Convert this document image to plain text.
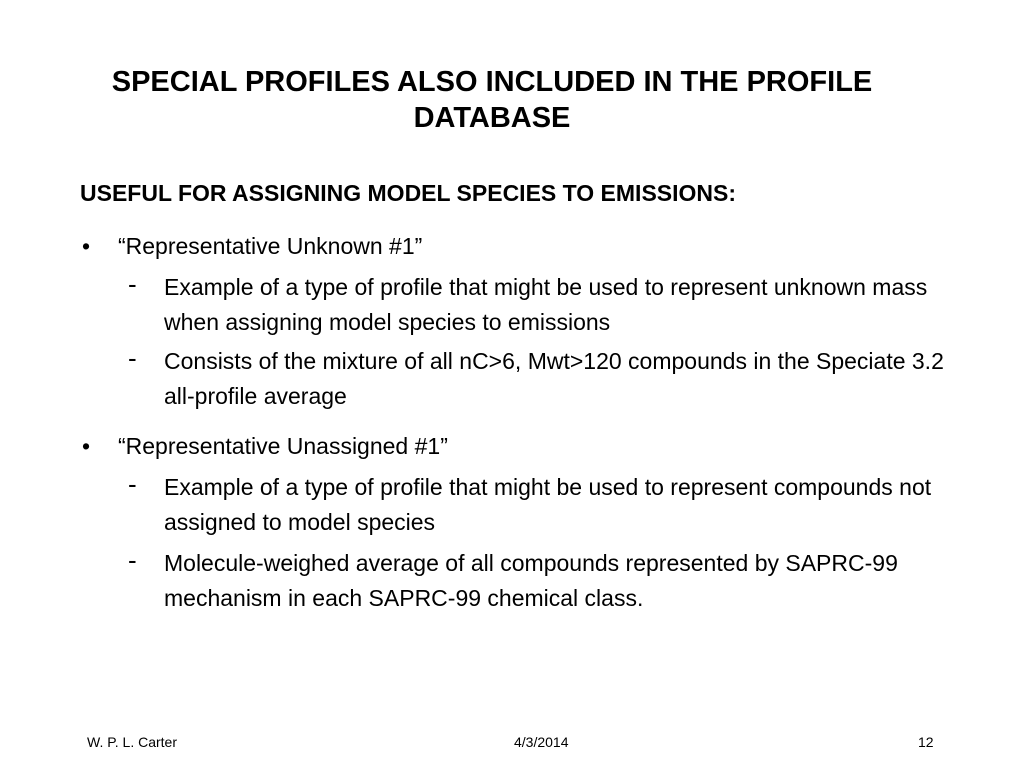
SPECIAL PROFILES ALSO INCLUDED IN THE PROFILE DATABASE

USEFUL FOR ASSIGNING MODEL SPECIES TO EMISSIONS:

• “Representative Unknown #1”
- Example of a type of profile that might be used to represent unknown mass when assigning model species to emissions
- Consists of the mixture of all nC>6, Mwt>120 compounds in the Speciate 3.2 all-profile average
• “Representative Unassigned #1”
- Example of a type of profile that might be used to represent compounds not assigned to model species
- Molecule-weighed average of all compounds represented by SAPRC-99 mechanism in each SAPRC-99 chemical class.
W. P. L. Carter	4/3/2014	12
